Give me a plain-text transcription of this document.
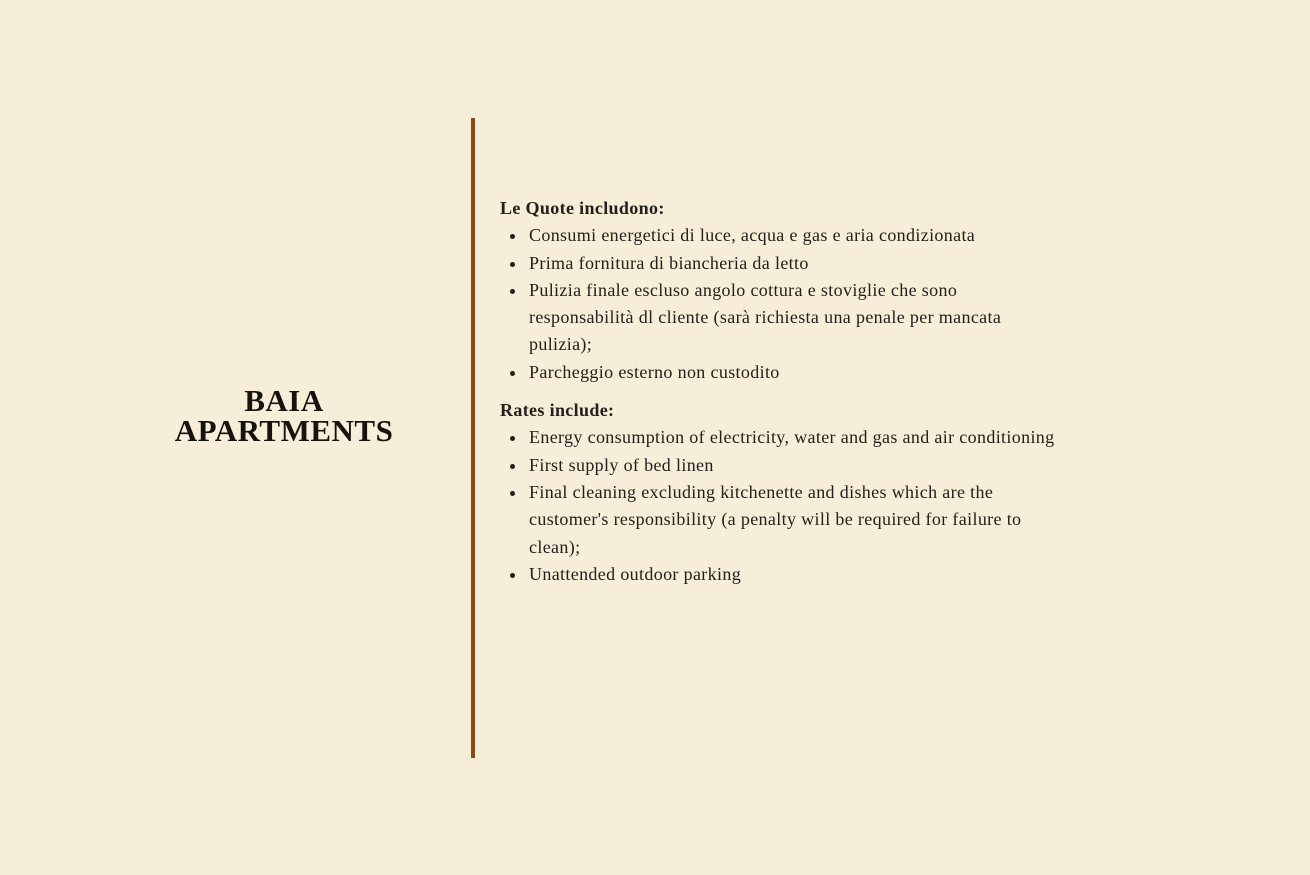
BAIA
APARTMENTS

Le Quote includono:

Consumi energetici di luce, acqua e gas e aria condizionata
Prima fornitura di biancheria da letto
Pulizia finale escluso angolo cottura e stoviglie che sono responsabilità dl cliente (sarà richiesta una penale per mancata pulizia);
Parcheggio esterno non custodito

Rates include:

Energy consumption of electricity, water and gas and air conditioning
First supply of bed linen
Final cleaning excluding kitchenette and dishes which are the customer's responsibility (a penalty will be required for failure to clean);
Unattended outdoor parking
